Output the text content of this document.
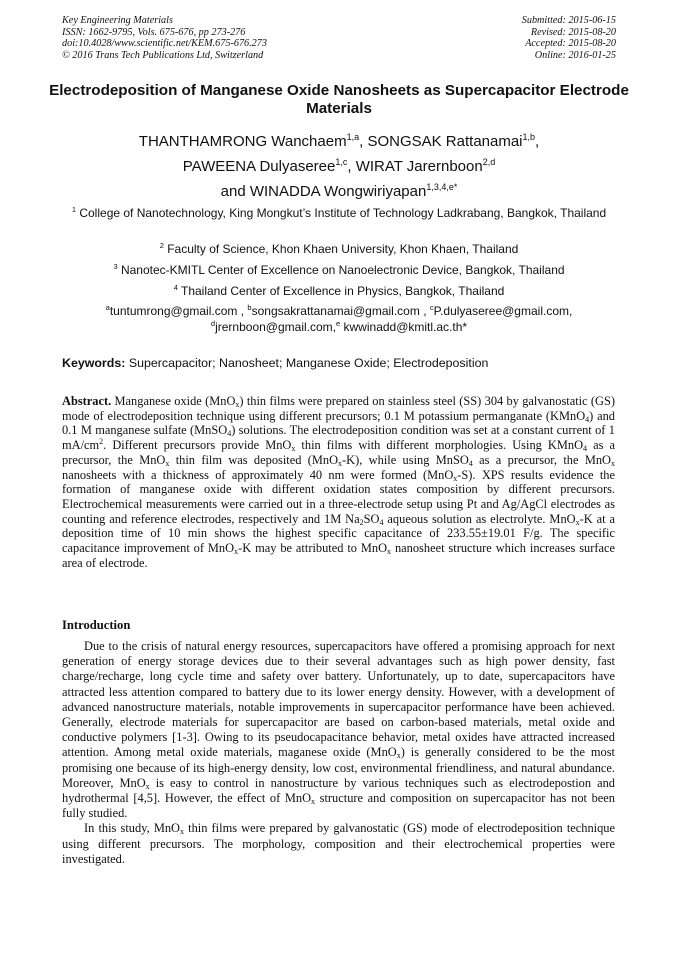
Key Engineering Materials
ISSN: 1662-9795, Vols. 675-676, pp 273-276
doi:10.4028/www.scientific.net/KEM.675-676.273
© 2016 Trans Tech Publications Ltd, Switzerland
Submitted: 2015-06-15
Revised: 2015-08-20
Accepted: 2015-08-20
Online: 2016-01-25
Electrodeposition of Manganese Oxide Nanosheets as Supercapacitor Electrode Materials
THANTHAMRONG Wanchaem$^{1,a}$, SONGSAK Rattanamai$^{1,b}$,
PAWEENA Dulyaseree$^{1,c}$, WIRAT Jarernboon$^{2,d}$
and WINADDA Wongwiriyapan$^{1,3,4,e*}$
$^1$ College of Nanotechnology, King Mongkut’s Institute of Technology Ladkrabang, Bangkok, Thailand
$^2$ Faculty of Science, Khon Khaen University, Khon Khaen, Thailand
$^3$ Nanotec-KMITL Center of Excellence on Nanoelectronic Device, Bangkok, Thailand
$^4$ Thailand Center of Excellence in Physics, Bangkok, Thailand
$^a$tuntumrong@gmail.com , $^b$songsakrattanamai@gmail.com , $^c$P.dulyaseree@gmail.com,
$^d$jrernboon@gmail.com,$^e$ kwwinadd@kmitl.ac.th*
Keywords: Supercapacitor; Nanosheet; Manganese Oxide; Electrodeposition
Abstract. Manganese oxide (MnO$_x$) thin films were prepared on stainless steel (SS) 304 by galvanostatic (GS) mode of electrodeposition technique using different precursors; 0.1 M potassium permanganate (KMnO$_4$) and 0.1 M manganese sulfate (MnSO$_4$) solutions. The electrodeposition condition was set at a constant current of 1 $mA/cm^2$. Different precursors provide MnO$_x$ thin films with different morphologies. Using KMnO$_4$ as a precursor, the MnO$_x$ thin film was deposited (MnO$_x$-K), while using MnSO$_4$ as a precursor, the MnO$_x$ nanosheets with a thickness of approximately 40 nm were formed (MnO$_x$-S). XPS results evidence the formation of manganese oxide with different oxidation states composition by different precursors. Electrochemical measurements were carried out in a three-electrode setup using Pt and Ag/AgCl electrodes as counting and reference electrodes, respectively and 1M $Na_2SO_4$ aqueous solution as electrolyte. MnO$_x$-K at a deposition time of 10 min shows the highest specific capacitance of 233.55±19.01 F/g. The specific capacitance improvement of MnO$_x$-K may be attributed to MnO$_x$ nanosheet structure which increases surface area of electrode.
Introduction

Due to the crisis of natural energy resources, supercapacitors have offered a promising approach for next generation of energy storage devices due to their several advantages such as high power density, fast charge/recharge, long cycle time and safety over battery. Unfortunately, up to date, supercapacitors have attracted less attention compared to battery due to its lower energy density. However, with a development of advanced nanostructure materials, notable improvements in supercapacitor performance have been achieved. Generally, electrode materials for supercapacitor are based on carbon-based materials, metal oxide and conductive polymers [1-3]. Owing to its pseudocapacitance behavior, metal oxides have attracted increased attention. Among metal oxide materials, maganese oxide (MnO$_x$) is generally considered to be the most promising one because of its high-energy density, low cost, environmental friendliness, and natural abundance. Moreover, MnO$_x$ is easy to control in nanostructure by various techniques such as electrodepostion and hydrothermal [4,5]. However, the effect of MnO$_x$ structure and composition on supercapacitor has not been fully studied.

In this study, MnO$_x$ thin films were prepared by galvanostatic (GS) mode of electrodeposition technique using different precursors. The morphology, composition and their electrochemical properties were investigated.
